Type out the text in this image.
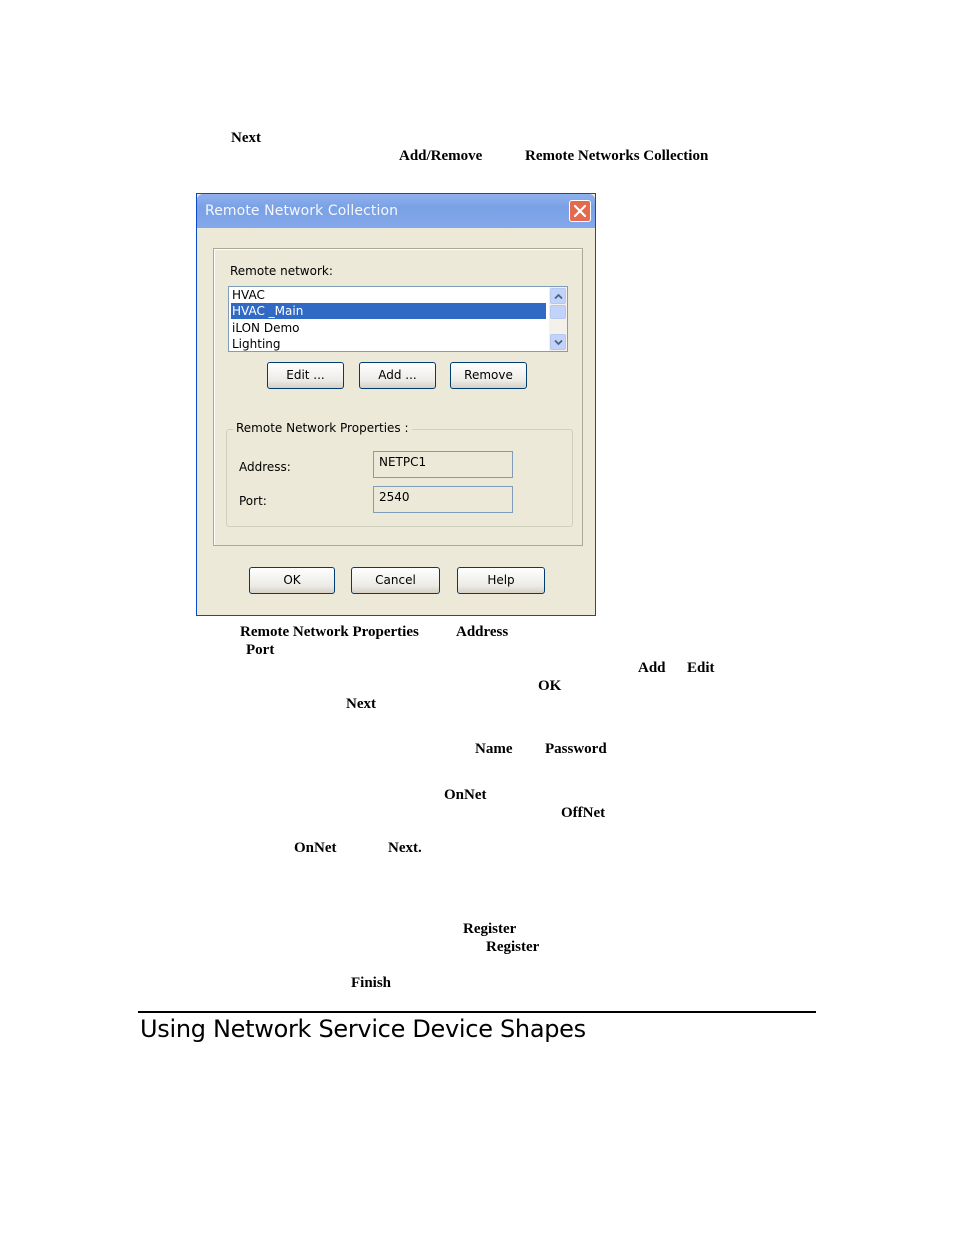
Next
Add/Remove	Remote Networks Collection
Remote Network Collection
Remote network:
HVAC
HVAC _Main
iLON Demo
Lighting
Edit ...	Add ...	Remove
Remote Network Properties :
Address:	NETPC1
Port:	2540
OK	Cancel	Help
Remote Network Properties Address
Port
Add Edit
OK
Next
Name Password
OnNet
OffNet
OnNet	Next.
Register
Register
Finish
Using Network Service Device Shapes
